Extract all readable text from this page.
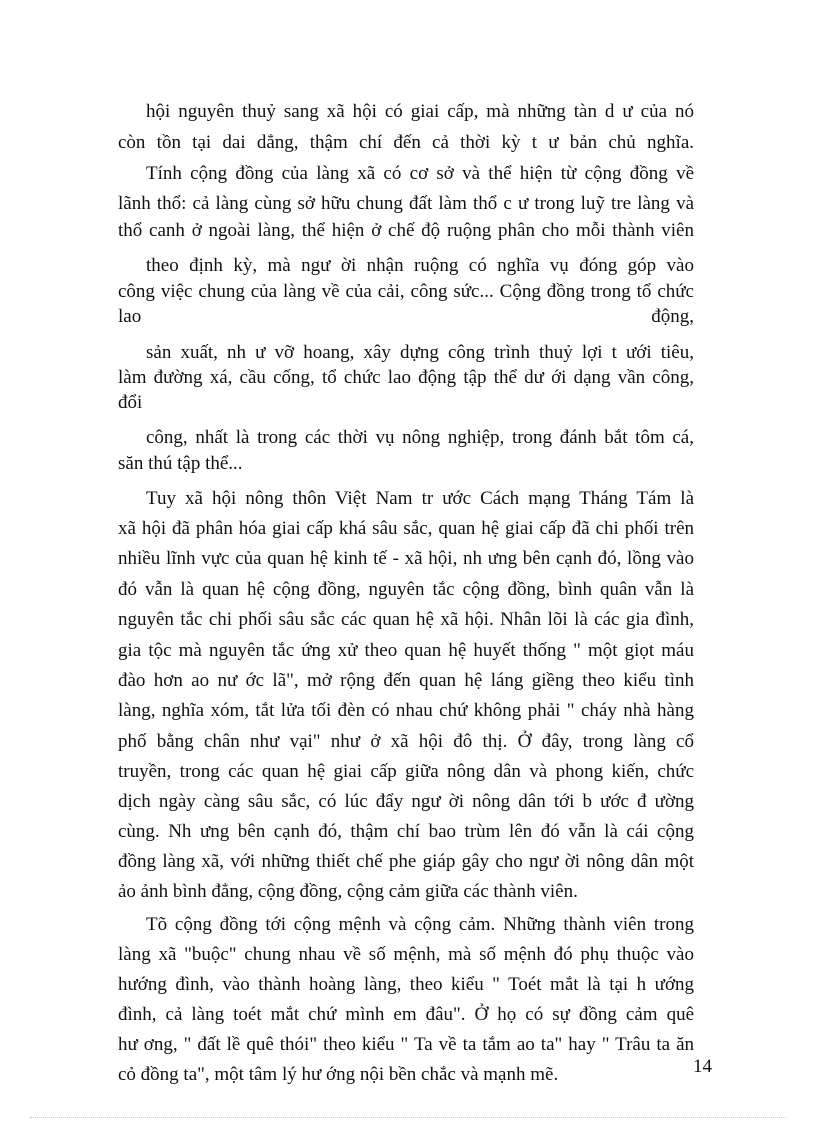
hội nguyên thuỷ sang xã hội có giai cấp, mà những tàn d ư của nó
còn tồn tại dai dẳng, thậm chí đến cả thời kỳ t ư bản chủ nghĩa.
Tính cộng đồng của làng xã có cơ sở và thể hiện từ cộng đồng về
lãnh thổ: cả làng cùng sở hữu chung đất làm thổ c ư trong luỹ tre làng và
thổ canh ở ngoài làng, thể hiện ở chế độ ruộng phân cho mỗi thành viên
theo định kỳ, mà ngư ời nhận ruộng có nghĩa vụ đóng góp vào
công việc chung của làng về của cải, công sức... Cộng đồng trong tổ chức
lao động,
sản xuất, nh ư vỡ hoang, xây dựng công trình thuỷ lợi t ưới tiêu,
làm đường xá, cầu cống, tổ chức lao động tập thể dư ới dạng vần công,
đổi
công, nhất là trong các thời vụ nông nghiệp, trong đánh bắt tôm cá,
săn thú tập thể...
Tuy xã hội nông thôn Việt Nam tr ước Cách mạng Tháng Tám là
xã hội đã phân hóa giai cấp khá sâu sắc, quan hệ giai cấp đã chi phối trên
nhiều lĩnh vực của quan hệ kinh tế - xã hội, nh ưng bên cạnh đó, lồng vào
đó vẫn là quan hệ cộng đồng, nguyên tắc cộng đồng, bình quân vẫn là
nguyên tắc chi phối sâu sắc các quan hệ xã hội. Nhân lõi là các gia đình,
gia tộc mà nguyên tắc ứng xử theo quan hệ huyết thống " một giọt máu
đào hơn ao nư ớc lã", mở rộng đến quan hệ láng giềng theo kiểu tình
làng, nghĩa xóm, tắt lửa tối đèn có nhau chứ không phải " cháy nhà hàng
phố bằng chân như vại" như ở xã hội đô thị. Ở đây, trong làng cổ
truyền, trong các quan hệ giai cấp giữa nông dân và phong kiến, chức
dịch ngày càng sâu sắc, có lúc đẩy ngư ời nông dân tới b ước đ ường
cùng. Nh ưng bên cạnh đó, thậm chí bao trùm lên đó vẫn là cái cộng
đồng làng xã, với những thiết chế phe giáp gây cho ngư ời nông dân một
ảo ảnh bình đẳng, cộng đồng, cộng cảm giữa các thành viên.
Tõ cộng đồng tới cộng mệnh và cộng cảm. Những thành viên trong
làng xã "buộc" chung nhau về số mệnh, mà số mệnh đó phụ thuộc vào
hướng đình, vào thành hoàng làng, theo kiểu " Toét mắt là tại h ướng
đình, cả làng toét mắt chứ mình em đâu". Ở họ có sự đồng cảm quê
hư ơng, " đất lề quê thói" theo kiểu " Ta về ta tắm ao ta" hay " Trâu ta ăn
cỏ đồng ta", một tâm lý hư ớng nội bền chắc và mạnh mẽ.	14
